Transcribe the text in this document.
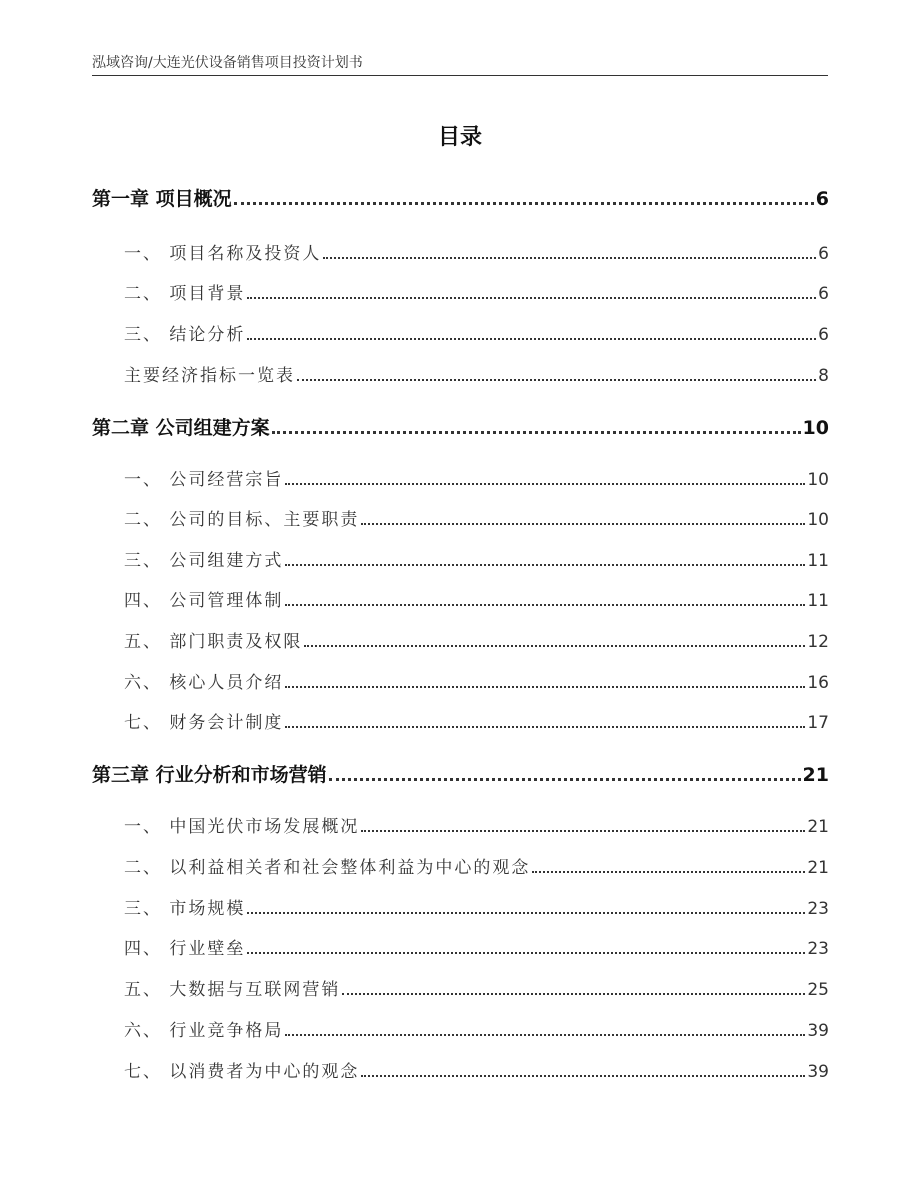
泓域咨询/大连光伏设备销售项目投资计划书
目录
第一章 项目概况	6
一、 项目名称及投资人	6
二、 项目背景	6
三、 结论分析	6
主要经济指标一览表	8
第二章 公司组建方案	10
一、 公司经营宗旨	10
二、 公司的目标、主要职责	10
三、 公司组建方式	11
四、 公司管理体制	11
五、 部门职责及权限	12
六、 核心人员介绍	16
七、 财务会计制度	17
第三章 行业分析和市场营销	21
一、 中国光伏市场发展概况	21
二、 以利益相关者和社会整体利益为中心的观念	21
三、 市场规模	23
四、 行业壁垒	23
五、 大数据与互联网营销	25
六、 行业竞争格局	39
七、 以消费者为中心的观念	39
